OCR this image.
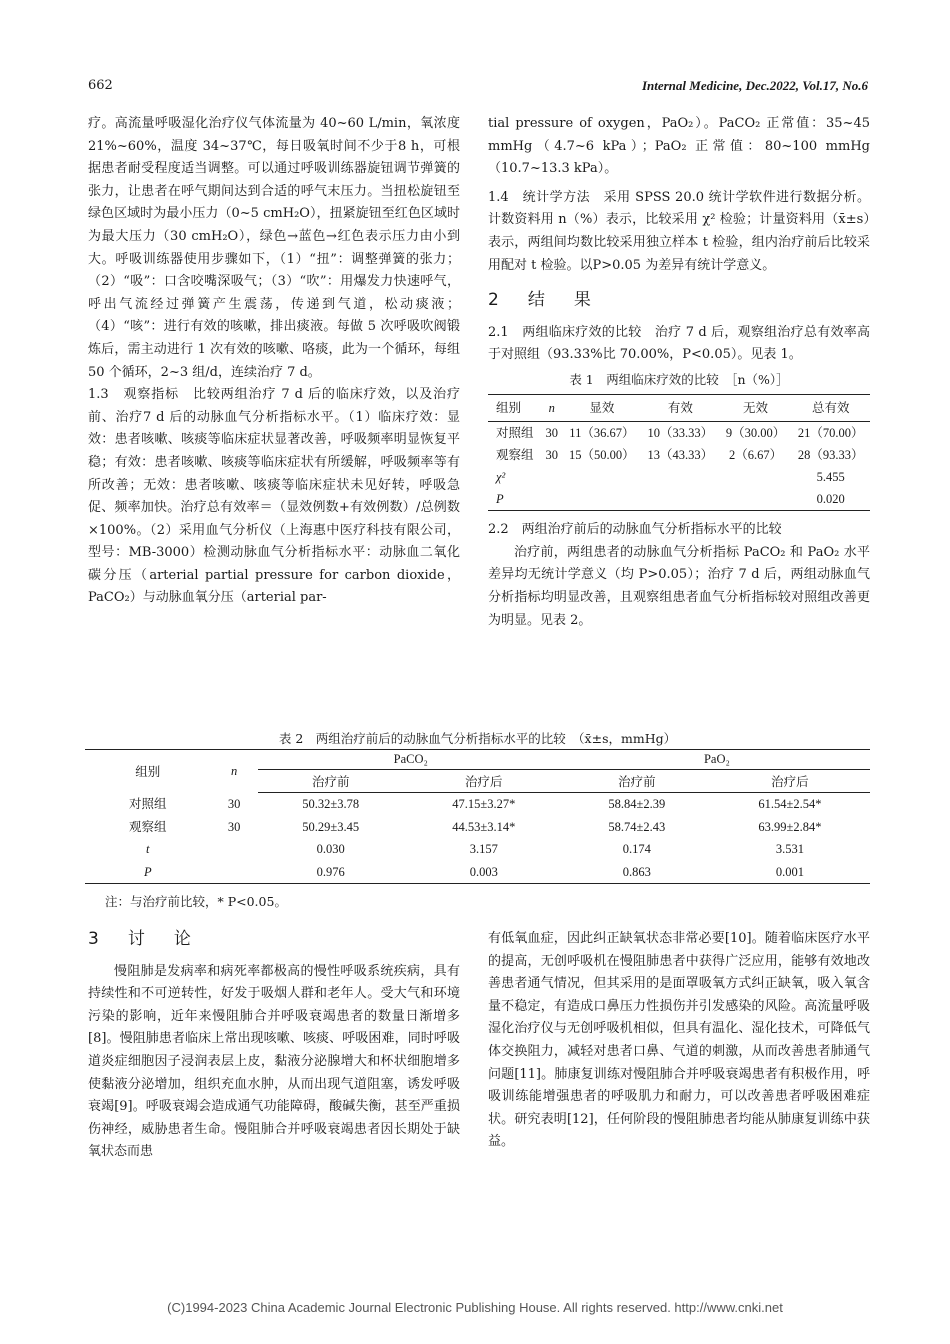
662	Internal Medicine, Dec.2022, Vol.17, No.6

疗。高流量呼吸湿化治疗仪气体流量为 40~60 L/min，氧浓度 21%~60%，温度 34~37℃，每日吸氧时间不少于8 h，可根据患者耐受程度适当调整。可以通过呼吸训练器旋钮调节弹簧的张力，让患者在呼气期间达到合适的呼气末压力。当扭松旋钮至绿色区域时为最小压力（0~5 cmH₂O），扭紧旋钮至红色区域时为最大压力（30 cmH₂O），绿色→蓝色→红色表示压力由小到大。呼吸训练器使用步骤如下，（1）“扭”：调整弹簧的张力；（2）“吸”：口含咬嘴深吸气；（3）“吹”：用爆发力快速呼气，呼出气流经过弹簧产生震荡，传递到气道，松动痰液；（4）“咳”：进行有效的咳嗽，排出痰液。每做 5 次呼吸吹阀锻炼后，需主动进行 1 次有效的咳嗽、咯痰，此为一个循环，每组 50 个循环，2~3 组/d，连续治疗 7 d。

1.3　观察指标　比较两组治疗 7 d 后的临床疗效，以及治疗前、治疗7 d 后的动脉血气分析指标水平。（1）临床疗效：显效：患者咳嗽、咳痰等临床症状显著改善，呼吸频率明显恢复平稳；有效：患者咳嗽、咳痰等临床症状有所缓解，呼吸频率等有所改善；无效：患者咳嗽、咳痰等临床症状未见好转，呼吸急促、频率加快。治疗总有效率＝（显效例数+有效例数）/总例数×100%。（2）采用血气分析仪（上海惠中医疗科技有限公司，型号：MB-3000）检测动脉血气分析指标水平：动脉血二氧化碳分压（arterial partial pressure for carbon dioxide，PaCO₂）与动脉血氧分压（arterial par-

tial pressure of oxygen，PaO₂）。PaCO₂ 正常值：35~45 mmHg（4.7~6 kPa）；PaO₂ 正常值：80~100 mmHg（10.7~13.3 kPa）。

1.4　统计学方法　采用 SPSS 20.0 统计学软件进行数据分析。计数资料用 n（%）表示，比较采用 χ² 检验；计量资料用（x̄±s）表示，两组间均数比较采用独立样本 t 检验，组内治疗前后比较采用配对 t 检验。以P>0.05 为差异有统计学意义。

2　结　果

2.1　两组临床疗效的比较　治疗 7 d 后，观察组治疗总有效率高于对照组（93.33%比 70.00%，P<0.05）。见表 1。

表 1　两组临床疗效的比较　［n（%）］

组别	n	显效	有效	无效	总有效
对照组	30	11（36.67）	10（33.33）	9（30.00）	21（70.00）
观察组	30	15（50.00）	13（43.33）	2（6.67）	28（93.33）
χ²					5.455
P					0.020

2.2　两组治疗前后的动脉血气分析指标水平的比较

治疗前，两组患者的动脉血气分析指标 PaCO₂ 和 PaO₂ 水平差异均无统计学意义（均 P>0.05）；治疗 7 d 后，两组动脉血气分析指标均明显改善，且观察组患者血气分析指标较对照组改善更为明显。见表 2。

表 2　两组治疗前后的动脉血气分析指标水平的比较　（x̄±s，mmHg）

组别	n	PaCO₂		PaO₂	
		治疗前	治疗后	治疗前	治疗后
对照组	30	50.32±3.78	47.15±3.27*	58.84±2.39	61.54±2.54*
观察组	30	50.29±3.45	44.53±3.14*	58.74±2.43	63.99±2.84*
t		0.030	3.157	0.174	3.531
P		0.976	0.003	0.863	0.001
注：与治疗前比较，* P<0.05。

3　讨　论

慢阻肺是发病率和病死率都极高的慢性呼吸系统疾病，具有持续性和不可逆转性，好发于吸烟人群和老年人。受大气和环境污染的影响，近年来慢阻肺合并呼吸衰竭患者的数量日渐增多[8]。慢阻肺患者临床上常出现咳嗽、咳痰、呼吸困难，同时呼吸道炎症细胞因子浸润表层上皮，黏液分泌腺增大和杯状细胞增多使黏液分泌增加，组织充血水肿，从而出现气道阻塞，诱发呼吸衰竭[9]。呼吸衰竭会造成通气功能障碍，酸碱失衡，甚至严重损伤神经，威胁患者生命。慢阻肺合并呼吸衰竭患者因长期处于缺氧状态而患

有低氧血症，因此纠正缺氧状态非常必要[10]。随着临床医疗水平的提高，无创呼吸机在慢阻肺患者中获得广泛应用，能够有效地改善患者通气情况，但其采用的是面罩吸氧方式纠正缺氧，吸入氧含量不稳定，有造成口鼻压力性损伤并引发感染的风险。高流量呼吸湿化治疗仪与无创呼吸机相似，但具有温化、湿化技术，可降低气体交换阻力，减轻对患者口鼻、气道的刺激，从而改善患者肺通气问题[11]。肺康复训练对慢阻肺合并呼吸衰竭患者有积极作用，呼吸训练能增强患者的呼吸肌力和耐力，可以改善患者呼吸困难症状。研究表明[12]，任何阶段的慢阻肺患者均能从肺康复训练中获益。

(C)1994-2023 China Academic Journal Electronic Publishing House. All rights reserved. http://www.cnki.net
